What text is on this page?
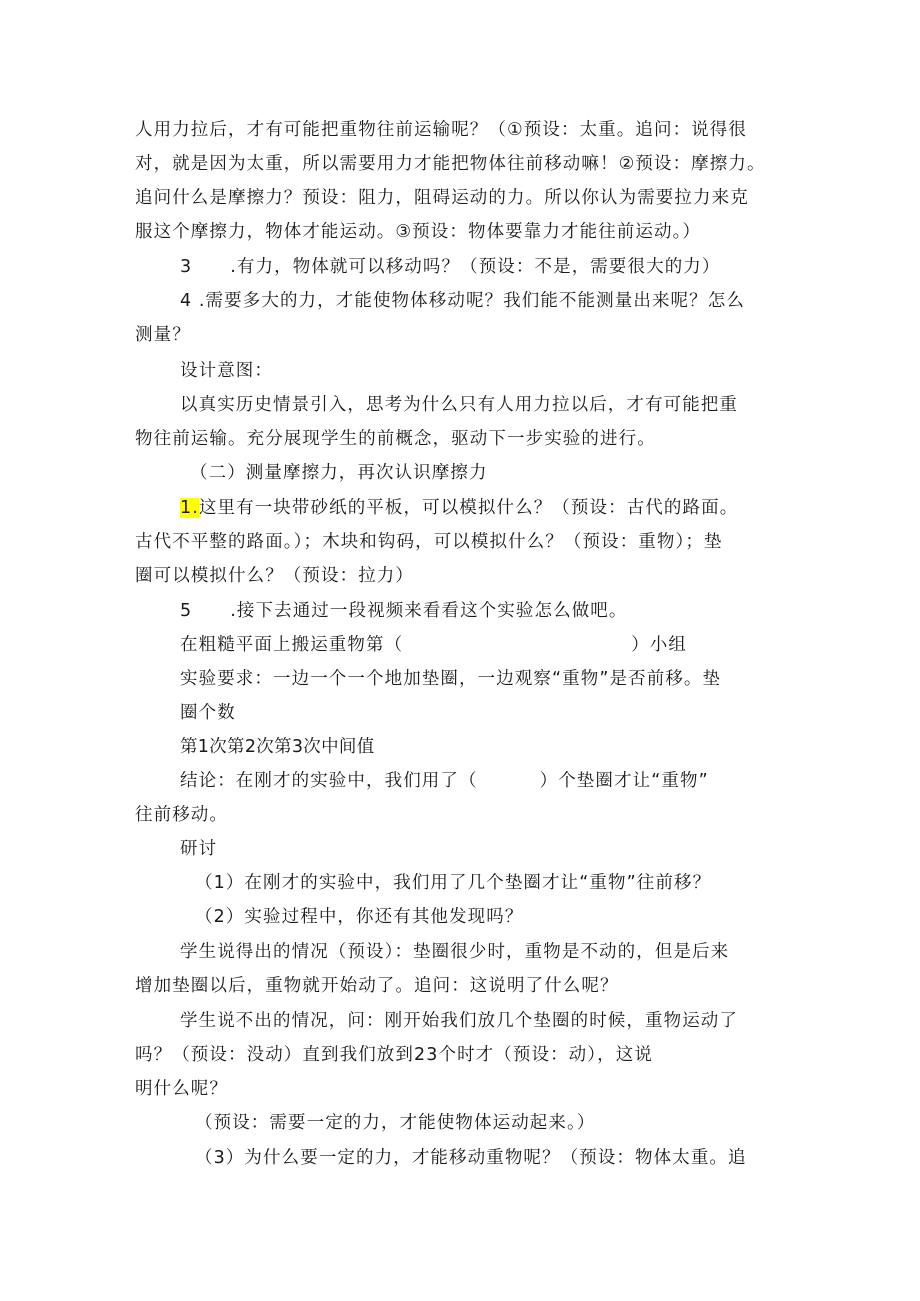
人用力拉后，才有可能把重物往前运输呢？（①预设：太重。追问：说得很
对，就是因为太重，所以需要用力才能把物体往前移动嘛！②预设：摩擦力。
追问什么是摩擦力？预设：阻力，阻碍运动的力。所以你认为需要拉力来克
服这个摩擦力，物体才能运动。③预设：物体要靠力才能往前运动。）
3 .有力，物体就可以移动吗？（预设：不是，需要很大的力）
4 .需要多大的力，才能使物体移动呢？我们能不能测量出来呢？怎么
测量？
设计意图：
以真实历史情景引入，思考为什么只有人用力拉以后，才有可能把重
物往前运输。充分展现学生的前概念，驱动下一步实验的进行。
（二）测量摩擦力，再次认识摩擦力
1.这里有一块带砂纸的平板，可以模拟什么？（预设：古代的路面。
古代不平整的路面。）；木块和钩码，可以模拟什么？（预设：重物）；垫
圈可以模拟什么？（预设：拉力）
5 .接下去通过一段视频来看看这个实验怎么做吧。
在粗糙平面上搬运重物第（	）小组
实验要求：一边一个一个地加垫圈，一边观察“重物”是否前移。垫
圈个数
第1次第2次第3次中间值
结论：在刚才的实验中，我们用了（	）个垫圈才让“重物”
往前移动。
研讨
（1）在刚才的实验中，我们用了几个垫圈才让“重物”往前移？
（2）实验过程中，你还有其他发现吗？
学生说得出的情况（预设）：垫圈很少时，重物是不动的，但是后来
增加垫圈以后，重物就开始动了。追问：这说明了什么呢？
学生说不出的情况，问：刚开始我们放几个垫圈的时候，重物运动了
吗？（预设：没动）直到我们放到23个时才（预设：动），这说
明什么呢？
（预设：需要一定的力，才能使物体运动起来。）
（3）为什么要一定的力，才能移动重物呢？（预设：物体太重。追
